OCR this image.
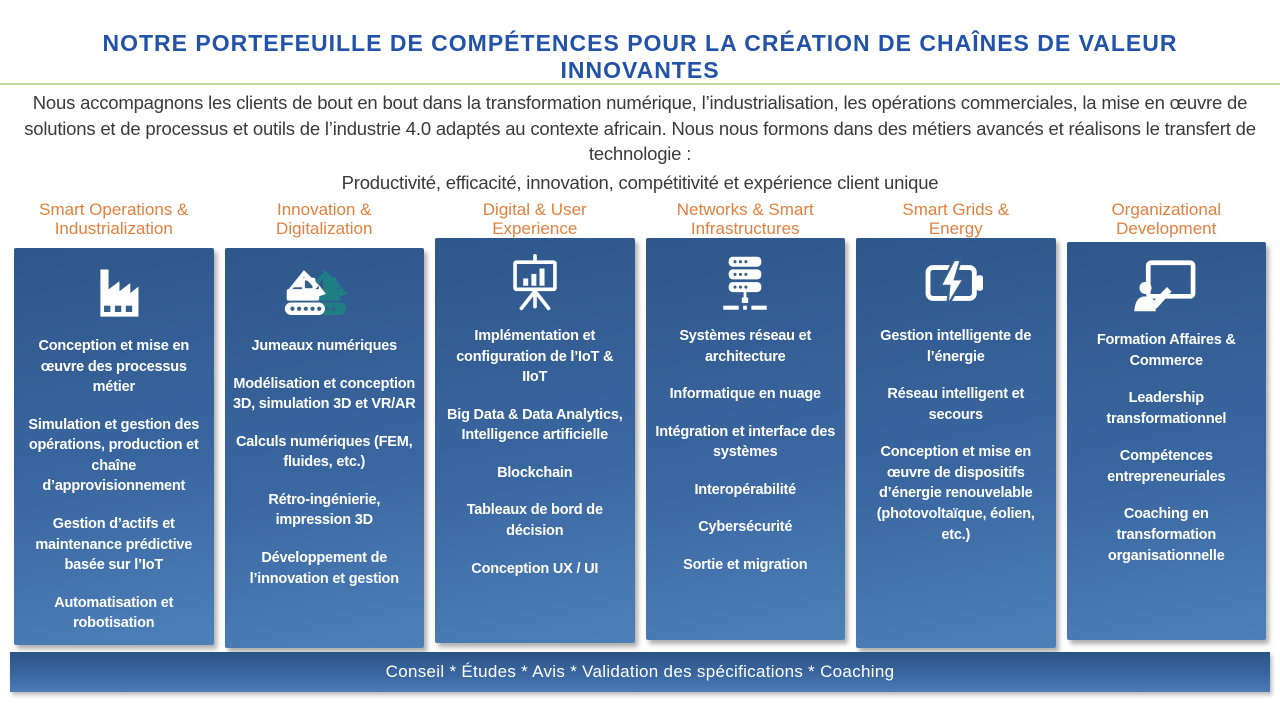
NOTRE PORTEFEUILLE DE COMPÉTENCES POUR LA CRÉATION DE CHAÎNES DE VALEUR INNOVANTES
Nous accompagnons les clients de bout en bout dans la transformation numérique, l’industrialisation, les opérations commerciales, la mise en œuvre de solutions et de processus et outils de l’industrie 4.0 adaptés au contexte africain. Nous nous formons dans des métiers avancés et réalisons le transfert de technologie :
Productivité, efficacité, innovation, compétitivité et expérience client unique
Smart Operations & Industrialization
Conception et mise en œuvre des processus métier
Simulation et gestion des opérations, production et chaîne d’approvisionnement
Gestion d’actifs et maintenance prédictive basée sur l’IoT
Automatisation et robotisation
Innovation & Digitalization
Jumeaux numériques
Modélisation et conception 3D, simulation 3D et VR/AR
Calculs numériques (FEM, fluides, etc.)
Rétro-ingénierie, impression 3D
Développement de l’innovation et gestion
Digital & User Experience
Implémentation et configuration de l’IoT & IIoT
Big Data & Data Analytics, Intelligence artificielle
Blockchain
Tableaux de bord de décision
Conception UX / UI
Networks & Smart Infrastructures
Systèmes réseau et architecture
Informatique en nuage
Intégration et interface des systèmes
Interopérabilité
Cybersécurité
Sortie et migration
Smart Grids & Energy
Gestion intelligente de l’énergie
Réseau intelligent et secours
Conception et mise en œuvre de dispositifs d’énergie renouvelable (photovoltaïque, éolien, etc.)
Organizational Development
Formation Affaires & Commerce
Leadership transformationnel
Compétences entrepreneuriales
Coaching en transformation organisationnelle
Conseil * Études * Avis * Validation des spécifications * Coaching
